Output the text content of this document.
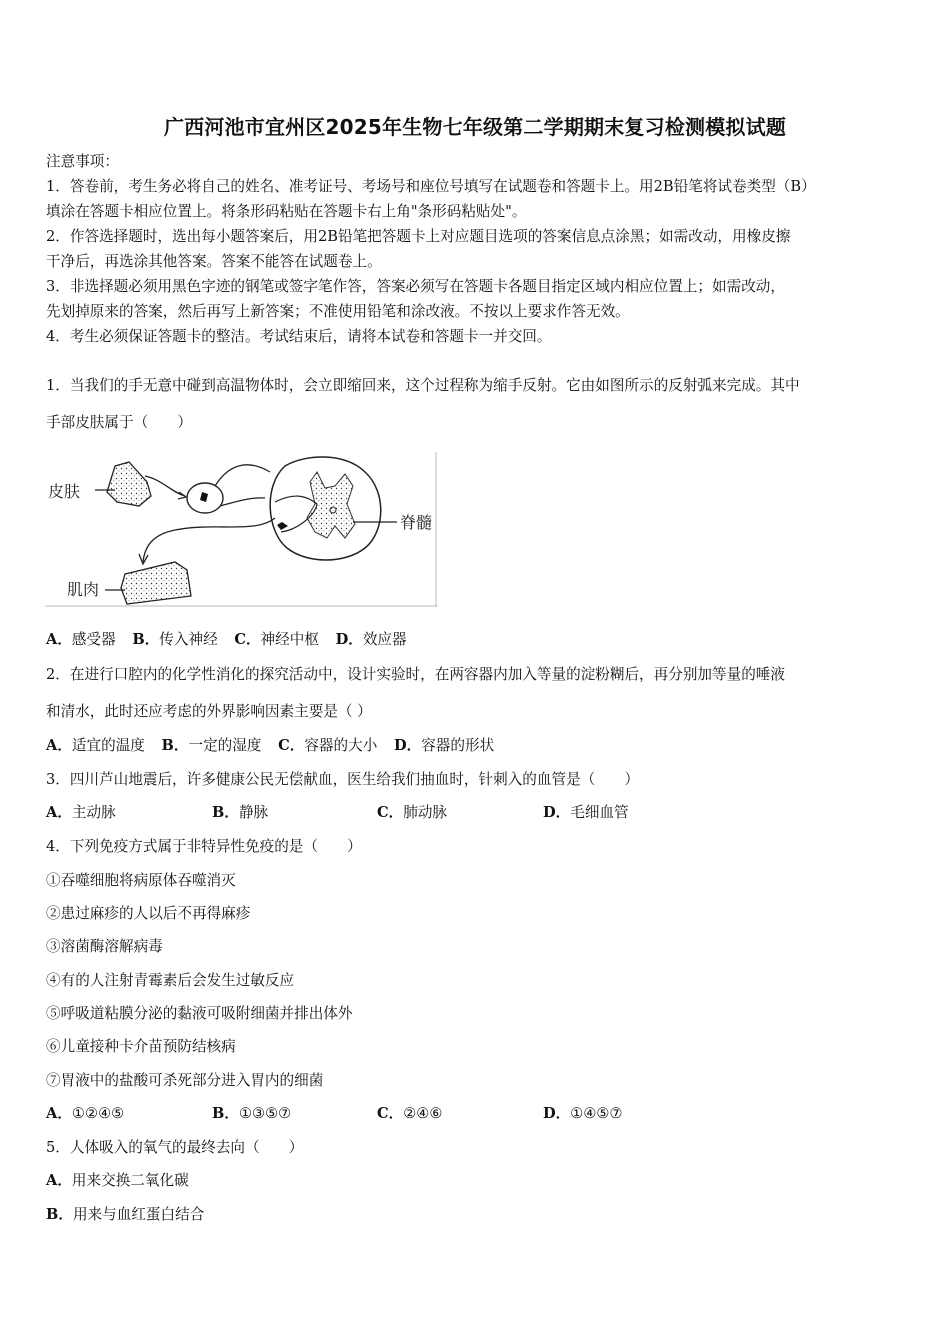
广西河池市宜州区2025年生物七年级第二学期期末复习检测模拟试题
注意事项：
1．答卷前，考生务必将自己的姓名、准考证号、考场号和座位号填写在试题卷和答题卡上。用2B铅笔将试卷类型（B）
填涂在答题卡相应位置上。将条形码粘贴在答题卡右上角"条形码粘贴处"。
2．作答选择题时，选出每小题答案后，用2B铅笔把答题卡上对应题目选项的答案信息点涂黑；如需改动，用橡皮擦
干净后，再选涂其他答案。答案不能答在试题卷上。
3．非选择题必须用黑色字迹的钢笔或签字笔作答，答案必须写在答题卡各题目指定区域内相应位置上；如需改动，
先划掉原来的答案，然后再写上新答案；不准使用铅笔和涂改液。不按以上要求作答无效。
4．考生必须保证答题卡的整洁。考试结束后，请将本试卷和答题卡一并交回。
1．当我们的手无意中碰到高温物体时，会立即缩回来，这个过程称为缩手反射。它由如图所示的反射弧来完成。其中
手部皮肤属于（　　）
皮肤
肌肉
脊髓
A．感受器 B．传入神经 C．神经中枢 D．效应器
2．在进行口腔内的化学性消化的探究活动中，设计实验时，在两容器内加入等量的淀粉糊后，再分别加等量的唾液
和清水，此时还应考虑的外界影响因素主要是（ ）
A．适宜的温度 B．一定的湿度 C．容器的大小 D．容器的形状
3．四川芦山地震后，许多健康公民无偿献血，医生给我们抽血时，针刺入的血管是（　　）
A．主动脉	B．静脉	C．肺动脉	D．毛细血管
4．下列免疫方式属于非特异性免疫的是（　　）
①吞噬细胞将病原体吞噬消灭
②患过麻疹的人以后不再得麻疹
③溶菌酶溶解病毒
④有的人注射青霉素后会发生过敏反应
⑤呼吸道粘膜分泌的黏液可吸附细菌并排出体外
⑥儿童接种卡介苗预防结核病
⑦胃液中的盐酸可杀死部分进入胃内的细菌
A．①②④⑤	B．①③⑤⑦	C．②④⑥	D．①④⑤⑦
5．人体吸入的氧气的最终去向（　　）
A．用来交换二氧化碳
B．用来与血红蛋白结合
